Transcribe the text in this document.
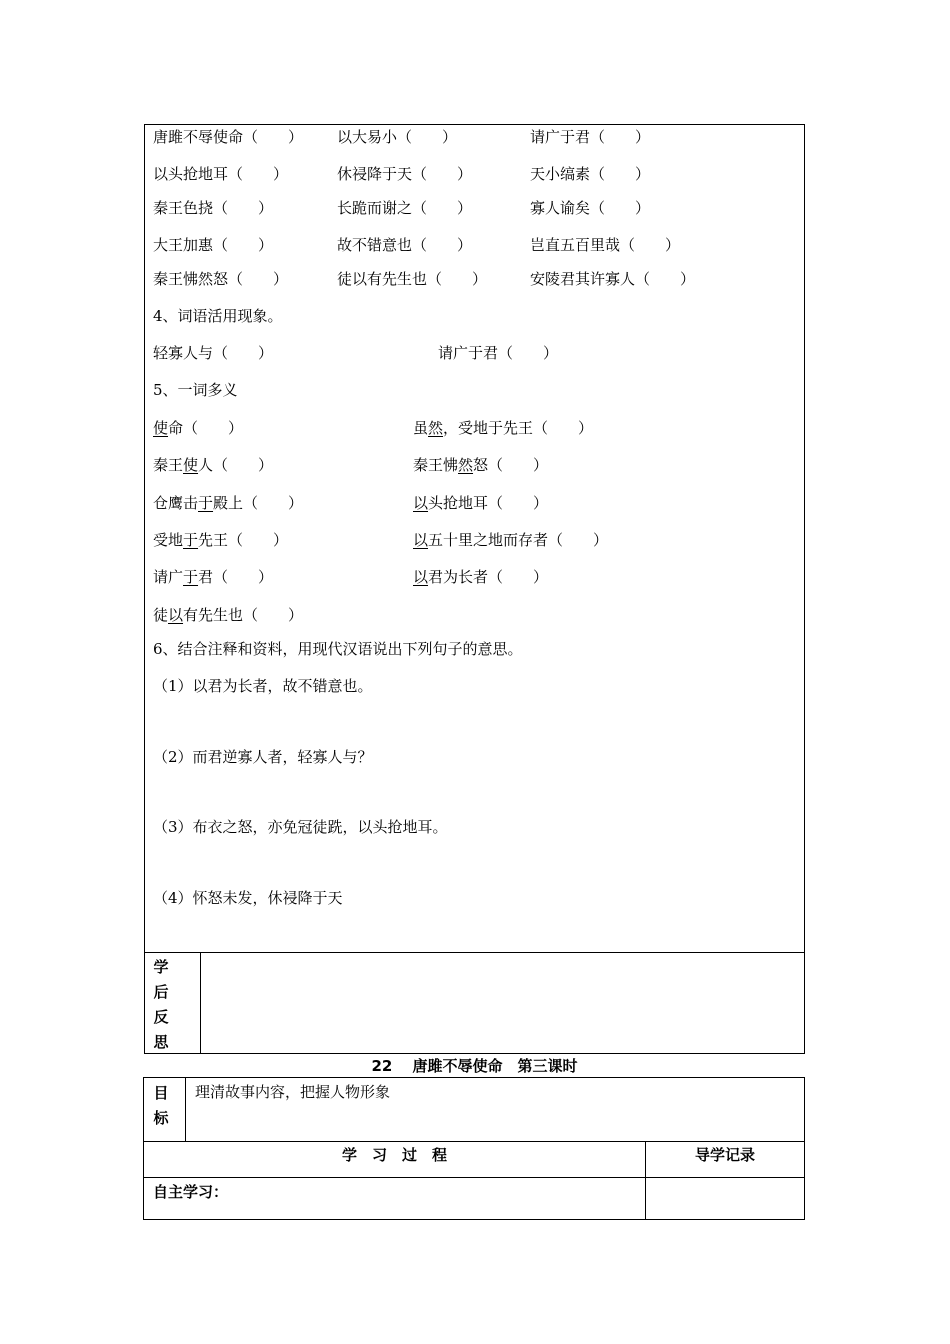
唐雎不辱使命（　　） 以大易小（　　）	请广于君（　　）
以头抢地耳（　　）	休祲降于天（　　）	天小缟素（　　）
秦王色挠（　　）	长跪而谢之（　　）	寡人谕矣（　　）
大王加惠（　　）	故不错意也（　　）	岂直五百里哉（　　）
秦王怫然怒（　　）	徒以有先生也（　　）	安陵君其许寡人（　　）
4、词语活用现象。
轻寡人与（　　）	请广于君（　　）
5、一词多义
使命（　　）	虽然，受地于先王（　　）
秦王使人（　　）	秦王怫然怒（　　）
仓鹰击于殿上（　　）	以头抢地耳（　　）
受地于先王（　　）	以五十里之地而存者（　　）
请广于君（　　）	以君为长者（　　）
徒以有先生也（　　）
6、结合注释和资料，用现代汉语说出下列句子的意思。
（1）以君为长者，故不错意也。
（2）而君逆寡人者，轻寡人与？
（3）布衣之怒，亦免冠徒跣，以头抢地耳。
（4）怀怒未发，休祲降于天
学
后
反
思
22　 唐雎不辱使命　第三课时
目
标
理清故事内容，把握人物形象
学　习　过　程	导学记录
自主学习：
